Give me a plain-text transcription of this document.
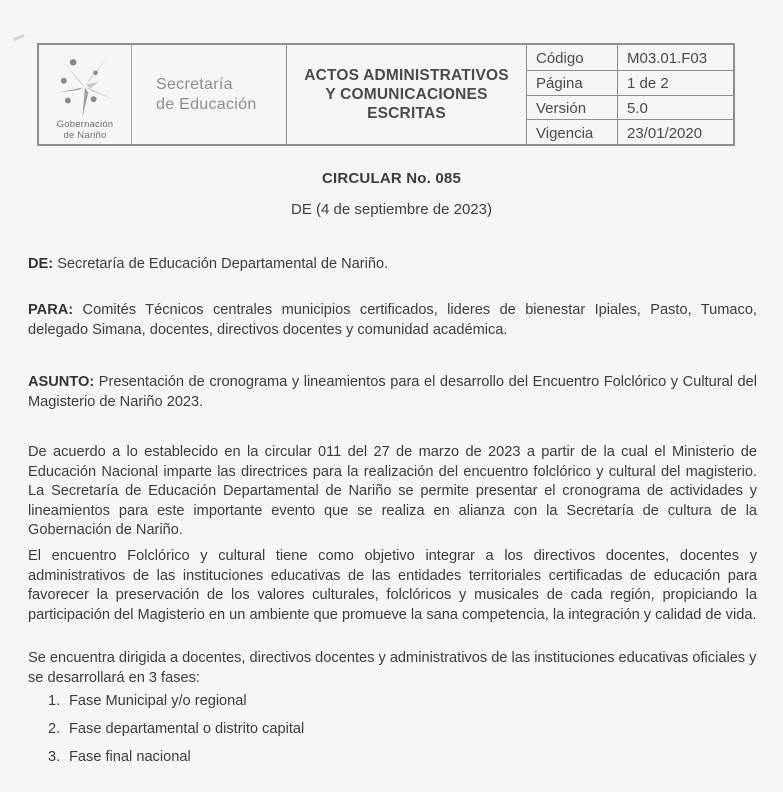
Gobernación
de Nariño
Secretaría
de Educación
ACTOS ADMINISTRATIVOS
Y COMUNICACIONES
ESCRITAS
Código	M03.01.F03
Página	1 de 2
Versión	5.0
Vigencia	23/01/2020
CIRCULAR No. 085
DE (4 de septiembre de 2023)
DE: Secretaría de Educación Departamental de Nariño.
PARA: Comités Técnicos centrales municipios certificados, lideres de bienestar Ipiales, Pasto, Tumaco, delegado Simana, docentes, directivos docentes y comunidad académica.
ASUNTO: Presentación de cronograma y lineamientos para el desarrollo del Encuentro Folclórico y Cultural del Magisterio de Nariño 2023.
De acuerdo a lo establecido en la circular 011 del 27 de marzo de 2023 a partir de la cual el Ministerio de Educación Nacional imparte las directrices para la realización del encuentro folclórico y cultural del magisterio. La Secretaría de Educación Departamental de Nariño se permite presentar el cronograma de actividades y lineamientos para este importante evento que se realiza en alianza con la Secretaría de cultura de la Gobernación de Nariño.
El encuentro Folclórico y cultural tiene como objetivo integrar a los directivos docentes, docentes y administrativos de las instituciones educativas de las entidades territoriales certificadas de educación para favorecer la preservación de los valores culturales, folclóricos y musicales de cada región, propiciando la participación del Magisterio en un ambiente que promueve la sana competencia, la integración y calidad de vida.
Se encuentra dirigida a docentes, directivos docentes y administrativos de las instituciones educativas oficiales y se desarrollará en 3 fases:
1. Fase Municipal y/o regional
2. Fase departamental o distrito capital
3. Fase final nacional
